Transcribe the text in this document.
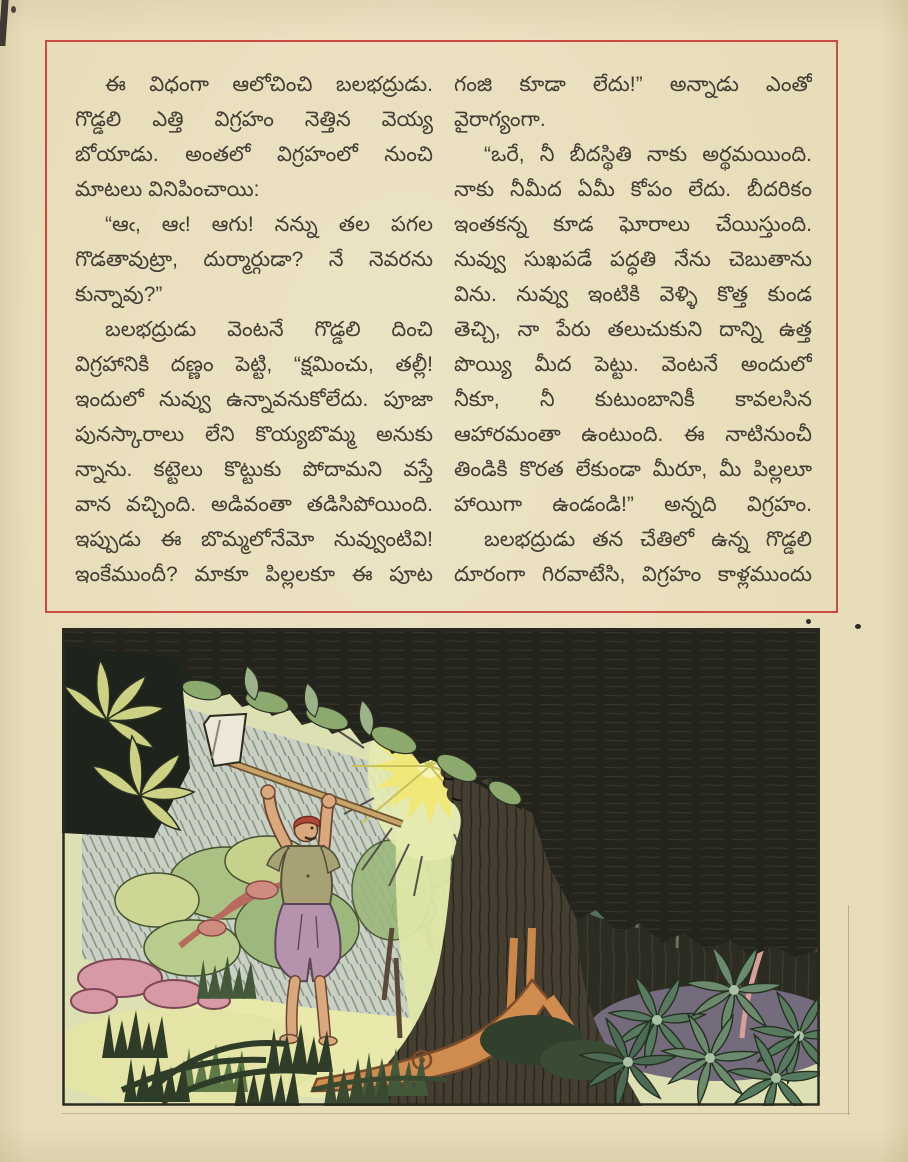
ఈ విధంగా ఆలోచించి బలభద్రుడు.
గొడ్డలి ఎత్తి విగ్రహం నెత్తిన వెయ్య
బోయాడు. అంతలో విగ్రహంలో నుంచి
మాటలు వినిపించాయి:
“ఆఁ, ఆఁ! ఆగు! నన్ను తల పగల
గొడతావుట్రా, దుర్మార్గుడా? నే నెవరను
కున్నావు?”
బలభద్రుడు వెంటనే గొడ్డలి దించి
విగ్రహానికి దణ్ణం పెట్టి, “క్షమించు, తల్లీ!
ఇందులో నువ్వు ఉన్నావనుకోలేదు. పూజా
పునస్కారాలు లేని కొయ్యబొమ్మ అనుకు
న్నాను. కట్టెలు కొట్టుకు పోదామని వస్తే
వాన వచ్చింది. అడివంతా తడిసిపోయింది.
ఇప్పుడు ఈ బొమ్మలోనేమో నువ్వుంటివి!
ఇంకేముందీ? మాకూ పిల్లలకూ ఈ పూట
గంజి కూడా లేదు!” అన్నాడు ఎంతో
వైరాగ్యంగా.
“ఒరే, నీ బీదస్థితి నాకు అర్థమయింది.
నాకు నీమీద ఏమీ కోపం లేదు. బీదరికం
ఇంతకన్న కూడ ఘోరాలు చేయిస్తుంది.
నువ్వు సుఖపడే పద్ధతి నేను చెబుతాను
విను. నువ్వు ఇంటికి వెళ్ళి కొత్త కుండ
తెచ్చి, నా పేరు తలుచుకుని దాన్ని ఉత్త
పొయ్యి మీద పెట్టు. వెంటనే అందులో
నీకూ, నీ కుటుంబానికీ కావలసిన
ఆహారమంతా ఉంటుంది. ఈ నాటినుంచీ
తిండికి కొరత లేకుండా మీరూ, మీ పిల్లలూ
హాయిగా ఉండండి!” అన్నది విగ్రహం.
బలభద్రుడు తన చేతిలో ఉన్న గొడ్డలి
దూరంగా గిరవాటేసి, విగ్రహం కాళ్లముందు
